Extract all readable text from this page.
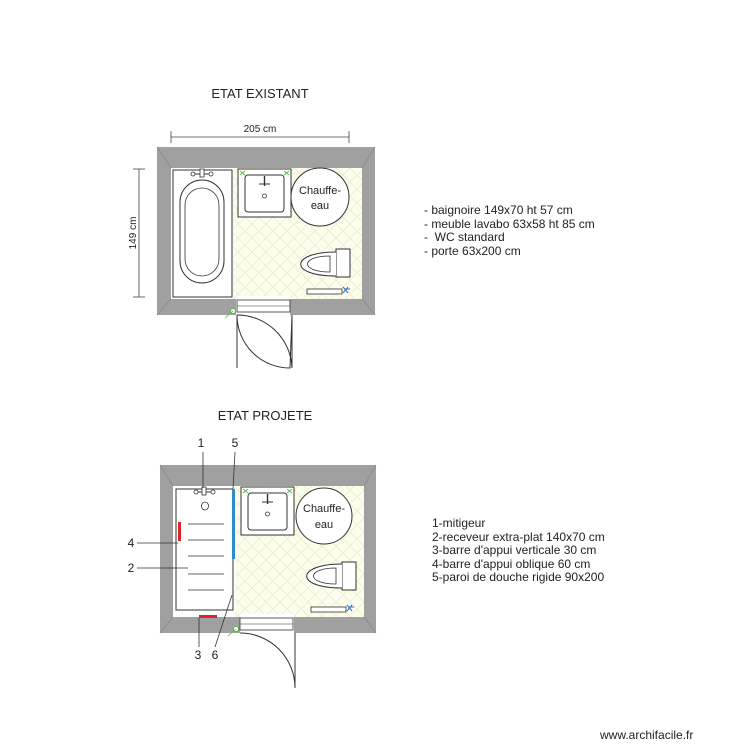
ETAT EXISTANT
205 cm
149 cm
Chauffe-
eau
ETAT PROJETE
Chauffe-
eau
1 5
4
2
3 6
- baignoire 149x70 ht 57 cm
- meuble lavabo 63x58 ht 85 cm
-  WC standard
- porte 63x200 cm
1-mitigeur
2-receveur extra-plat 140x70 cm
3-barre d'appui verticale 30 cm
4-barre d'appui oblique 60 cm
5-paroi de douche rigide 90x200
www.archifacile.fr
